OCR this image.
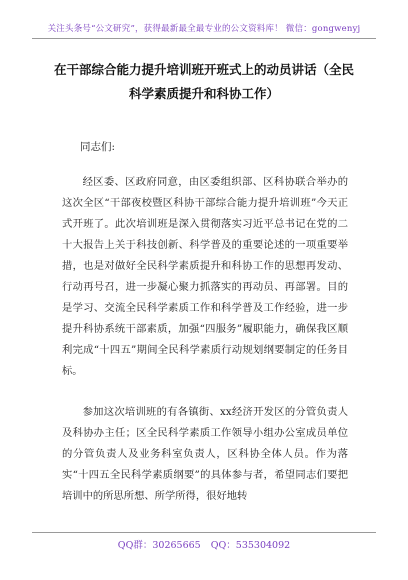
关注头条号“公文研究”，获得最新最全最专业的公文资料库！ 微信：gongwenyj
在干部综合能力提升培训班开班式上的动员讲话（全民科学素质提升和科协工作）
同志们:
经区委、区政府同意，由区委组织部、区科协联合举办的这次全区“干部夜校暨区科协干部综合能力提升培训班”今天正式开班了。此次培训班是深入贯彻落实习近平总书记在党的二十大报告上关于科技创新、科学普及的重要论述的一项重要举措，也是对做好全民科学素质提升和科协工作的思想再发动、行动再号召，进一步凝心聚力抓落实的再动员、再部署。目的是学习、交流全民科学素质工作和科学普及工作经验，进一步提升科协系统干部素质，加强“四服务”履职能力，确保我区顺利完成“十四五”期间全民科学素质行动规划纲要制定的任务目标。
参加这次培训班的有各镇街、xx经济开发区的分管负责人及科协办主任；区全民科学素质工作领导小组办公室成员单位的分管负责人及业务科室负责人，区科协全体人员。作为落实“十四五全民科学素质纲要”的具体参与者，希望同志们要把培训中的所思所想、所学所得，很好地转
QQ群：30265665 QQ：535304092
